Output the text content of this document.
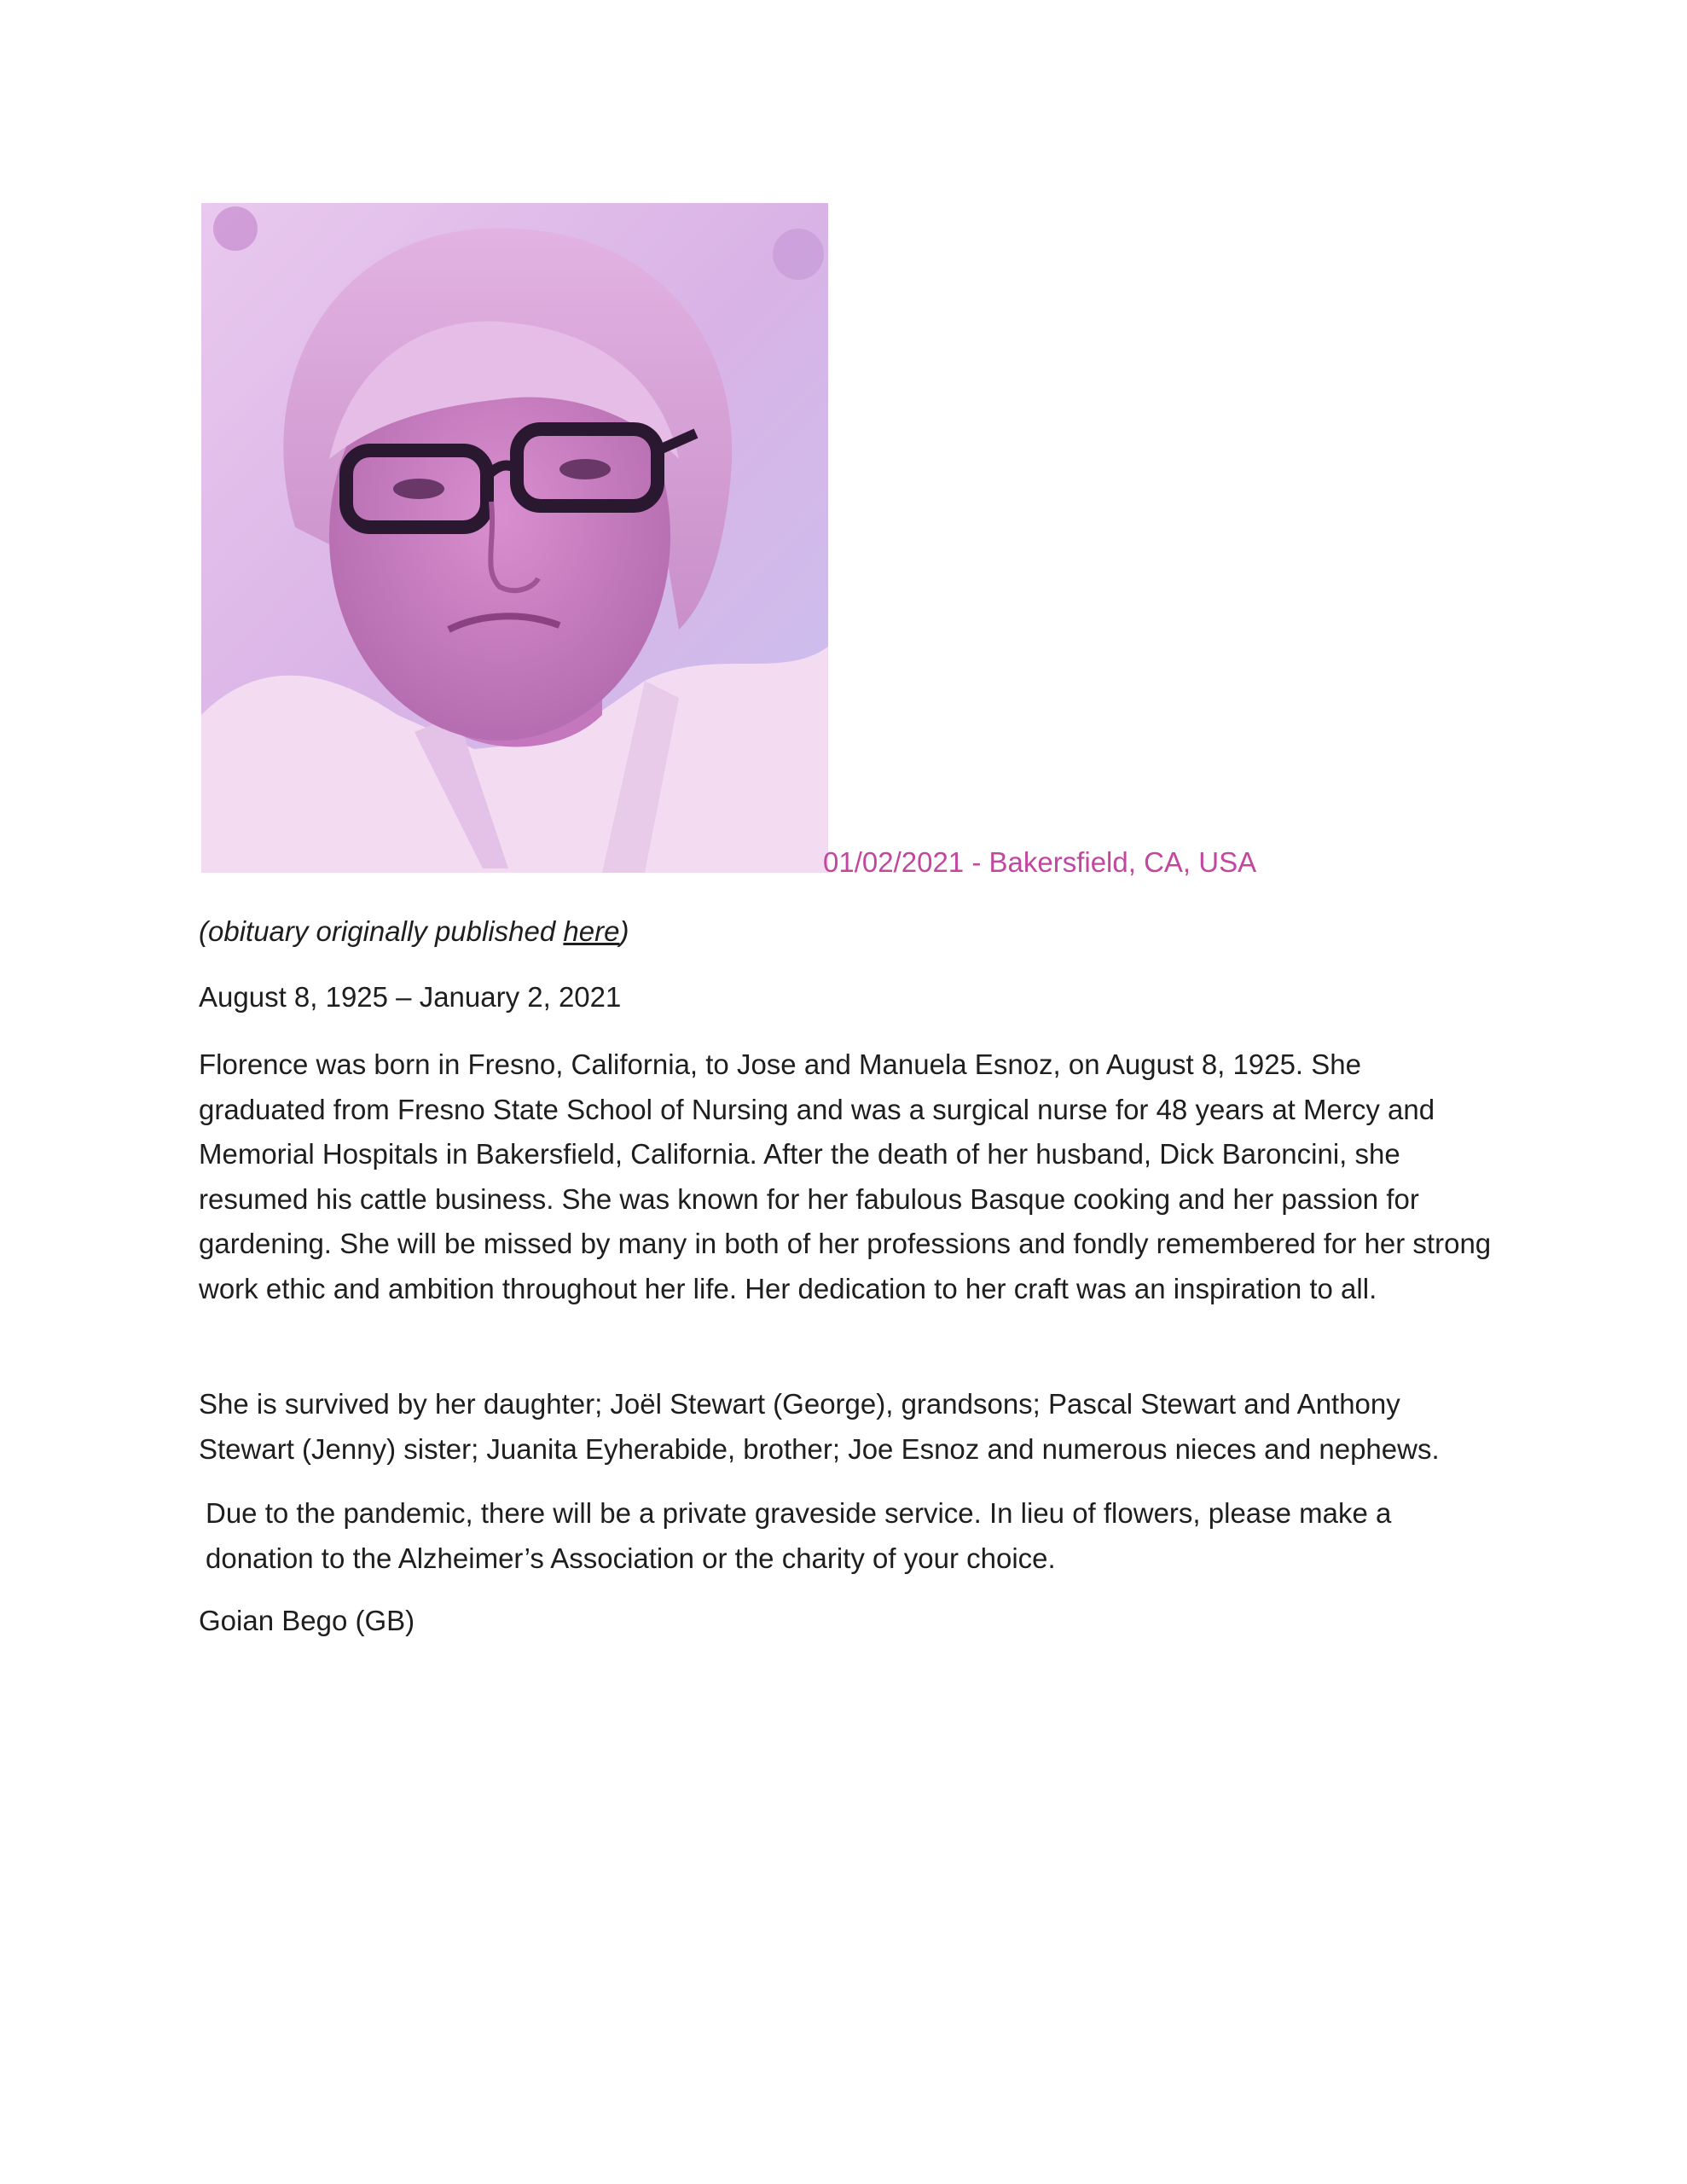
01/02/2021 - Bakersfield, CA, USA

(obituary originally published here)

August 8, 1925 – January 2, 2021

Florence was born in Fresno, California, to Jose and Manuela Esnoz, on August 8, 1925. She graduated from Fresno State School of Nursing and was a surgical nurse for 48 years at Mercy and Memorial Hospitals in Bakersfield, California. After the death of her husband, Dick Baroncini, she resumed his cattle business. She was known for her fabulous Basque cooking and her passion for gardening. She will be missed by many in both of her professions and fondly remembered for her strong work ethic and ambition throughout her life. Her dedication to her craft was an inspiration to all.

She is survived by her daughter; Joël Stewart (George), grandsons; Pascal Stewart and Anthony Stewart (Jenny) sister; Juanita Eyherabide, brother; Joe Esnoz and numerous nieces and nephews.

Due to the pandemic, there will be a private graveside service. In lieu of flowers, please make a donation to the Alzheimer’s Association or the charity of your choice.

Goian Bego (GB)
